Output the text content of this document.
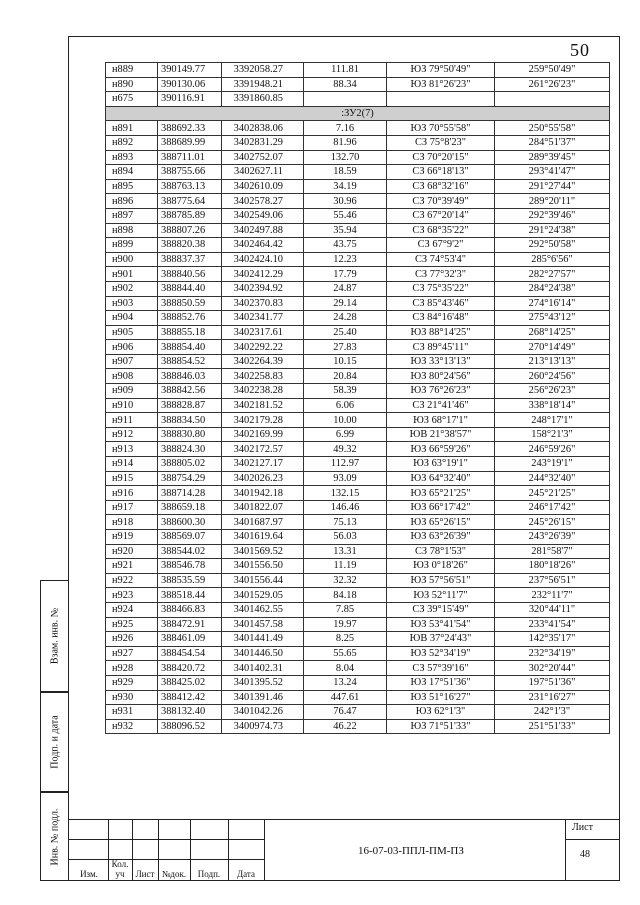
50
н889	390149.77	3392058.27	111.81	ЮЗ 79°50'49"	259°50'49"
н890	390130.06	3391948.21	88.34	ЮЗ 81°26'23"	261°26'23"
н675	390116.91	3391860.85			
:ЗУ2(7)					
н891	388692.33	3402838.06	7.16	ЮЗ 70°55'58"	250°55'58"
н892	388689.99	3402831.29	81.96	СЗ 75°8'23"	284°51'37"
н893	388711.01	3402752.07	132.70	СЗ 70°20'15"	289°39'45"
н894	388755.66	3402627.11	18.59	СЗ 66°18'13"	293°41'47"
н895	388763.13	3402610.09	34.19	СЗ 68°32'16"	291°27'44"
н896	388775.64	3402578.27	30.96	СЗ 70°39'49"	289°20'11"
н897	388785.89	3402549.06	55.46	СЗ 67°20'14"	292°39'46"
н898	388807.26	3402497.88	35.94	СЗ 68°35'22"	291°24'38"
н899	388820.38	3402464.42	43.75	СЗ 67°9'2"	292°50'58"
н900	388837.37	3402424.10	12.23	СЗ 74°53'4"	285°6'56"
н901	388840.56	3402412.29	17.79	СЗ 77°32'3"	282°27'57"
н902	388844.40	3402394.92	24.87	СЗ 75°35'22"	284°24'38"
н903	388850.59	3402370.83	29.14	СЗ 85°43'46"	274°16'14"
н904	388852.76	3402341.77	24.28	СЗ 84°16'48"	275°43'12"
н905	388855.18	3402317.61	25.40	ЮЗ 88°14'25"	268°14'25"
н906	388854.40	3402292.22	27.83	СЗ 89°45'11"	270°14'49"
н907	388854.52	3402264.39	10.15	ЮЗ 33°13'13"	213°13'13"
н908	388846.03	3402258.83	20.84	ЮЗ 80°24'56"	260°24'56"
н909	388842.56	3402238.28	58.39	ЮЗ 76°26'23"	256°26'23"
н910	388828.87	3402181.52	6.06	СЗ 21°41'46"	338°18'14"
н911	388834.50	3402179.28	10.00	ЮЗ 68°17'1"	248°17'1"
н912	388830.80	3402169.99	6.99	ЮВ 21°38'57"	158°21'3"
н913	388824.30	3402172.57	49.32	ЮЗ 66°59'26"	246°59'26"
н914	388805.02	3402127.17	112.97	ЮЗ 63°19'1"	243°19'1"
н915	388754.29	3402026.23	93.09	ЮЗ 64°32'40"	244°32'40"
н916	388714.28	3401942.18	132.15	ЮЗ 65°21'25"	245°21'25"
н917	388659.18	3401822.07	146.46	ЮЗ 66°17'42"	246°17'42"
н918	388600.30	3401687.97	75.13	ЮЗ 65°26'15"	245°26'15"
н919	388569.07	3401619.64	56.03	ЮЗ 63°26'39"	243°26'39"
н920	388544.02	3401569.52	13.31	СЗ 78°1'53"	281°58'7"
н921	388546.78	3401556.50	11.19	ЮЗ 0°18'26"	180°18'26"
н922	388535.59	3401556.44	32.32	ЮЗ 57°56'51"	237°56'51"
н923	388518.44	3401529.05	84.18	ЮЗ 52°11'7"	232°11'7"
н924	388466.83	3401462.55	7.85	СЗ 39°15'49"	320°44'11"
н925	388472.91	3401457.58	19.97	ЮЗ 53°41'54"	233°41'54"
н926	388461.09	3401441.49	8.25	ЮВ 37°24'43"	142°35'17"
н927	388454.54	3401446.50	55.65	ЮЗ 52°34'19"	232°34'19"
н928	388420.72	3401402.31	8.04	СЗ 57°39'16"	302°20'44"
н929	388425.02	3401395.52	13.24	ЮЗ 17°51'36"	197°51'36"
н930	388412.42	3401391.46	447.61	ЮЗ 51°16'27"	231°16'27"
н931	388132.40	3401042.26	76.47	ЮЗ 62°1'3"	242°1'3"
н932	388096.52	3400974.73	46.22	ЮЗ 71°51'33"	251°51'33"
Взам. инв. №
Подп. и дата
Инв. № подл.
Изм.
Кол. уч	Лист №док.	Подп.	Дата
16-07-03-ППЛ-ПМ-ПЗ
Лист
48
